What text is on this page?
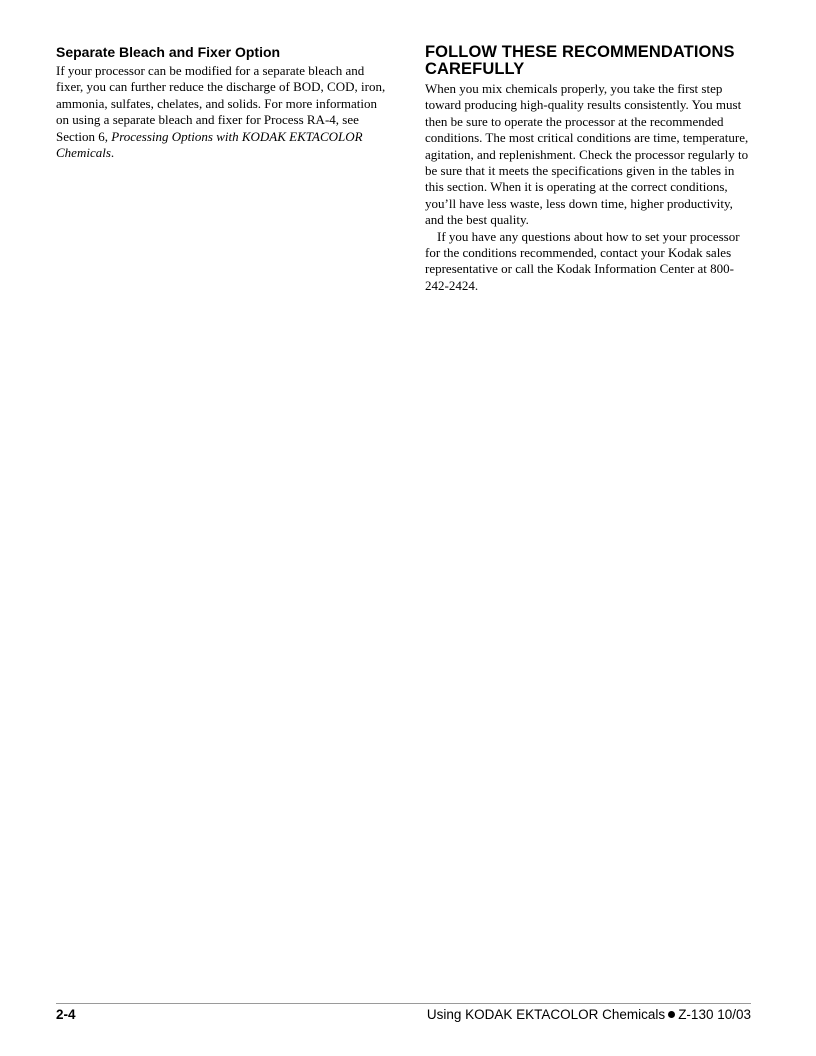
Separate Bleach and Fixer Option

If your processor can be modified for a separate bleach and fixer, you can further reduce the discharge of BOD, COD, iron, ammonia, sulfates, chelates, and solids. For more information on using a separate bleach and fixer for Process RA-4, see Section 6, Processing Options with KODAK EKTACOLOR Chemicals.

FOLLOW THESE RECOMMENDATIONS CAREFULLY

When you mix chemicals properly, you take the first step toward producing high-quality results consistently. You must then be sure to operate the processor at the recommended conditions. The most critical conditions are time, temperature, agitation, and replenishment. Check the processor regularly to be sure that it meets the specifications given in the tables in this section. When it is operating at the correct conditions, you’ll have less waste, less down time, higher productivity, and the best quality.

If you have any questions about how to set your processor for the conditions recommended, contact your Kodak sales representative or call the Kodak Information Center at 800-242-2424.

2-4	Using KODAK EKTACOLOR Chemicals Z-130 10/03
